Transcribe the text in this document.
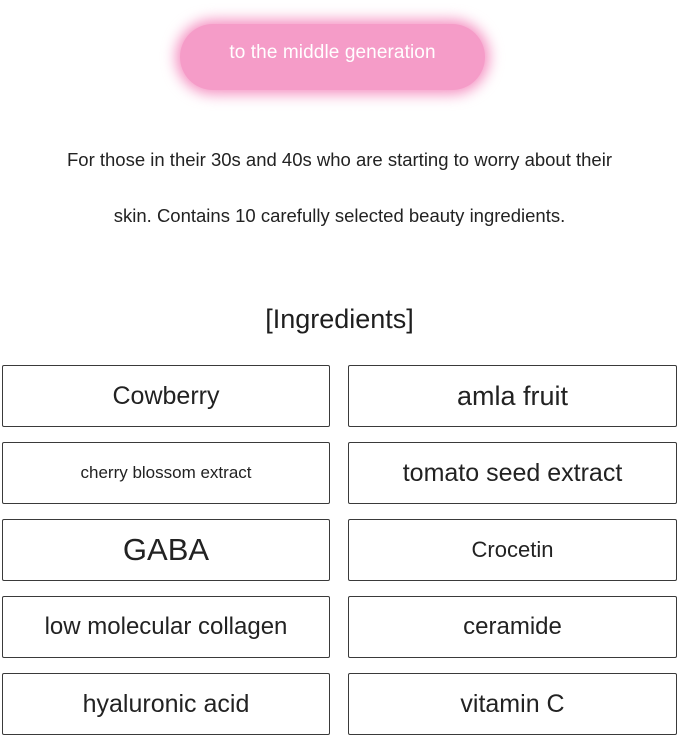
to the middle generation

For those in their 30s and 40s who are starting to worry about their

skin. Contains 10 carefully selected beauty ingredients.

[Ingredients]
Cowberry	amla fruit
cherry blossom extract	tomato seed extract
GABA	Crocetin
low molecular collagen	ceramide
hyaluronic acid	vitamin C
